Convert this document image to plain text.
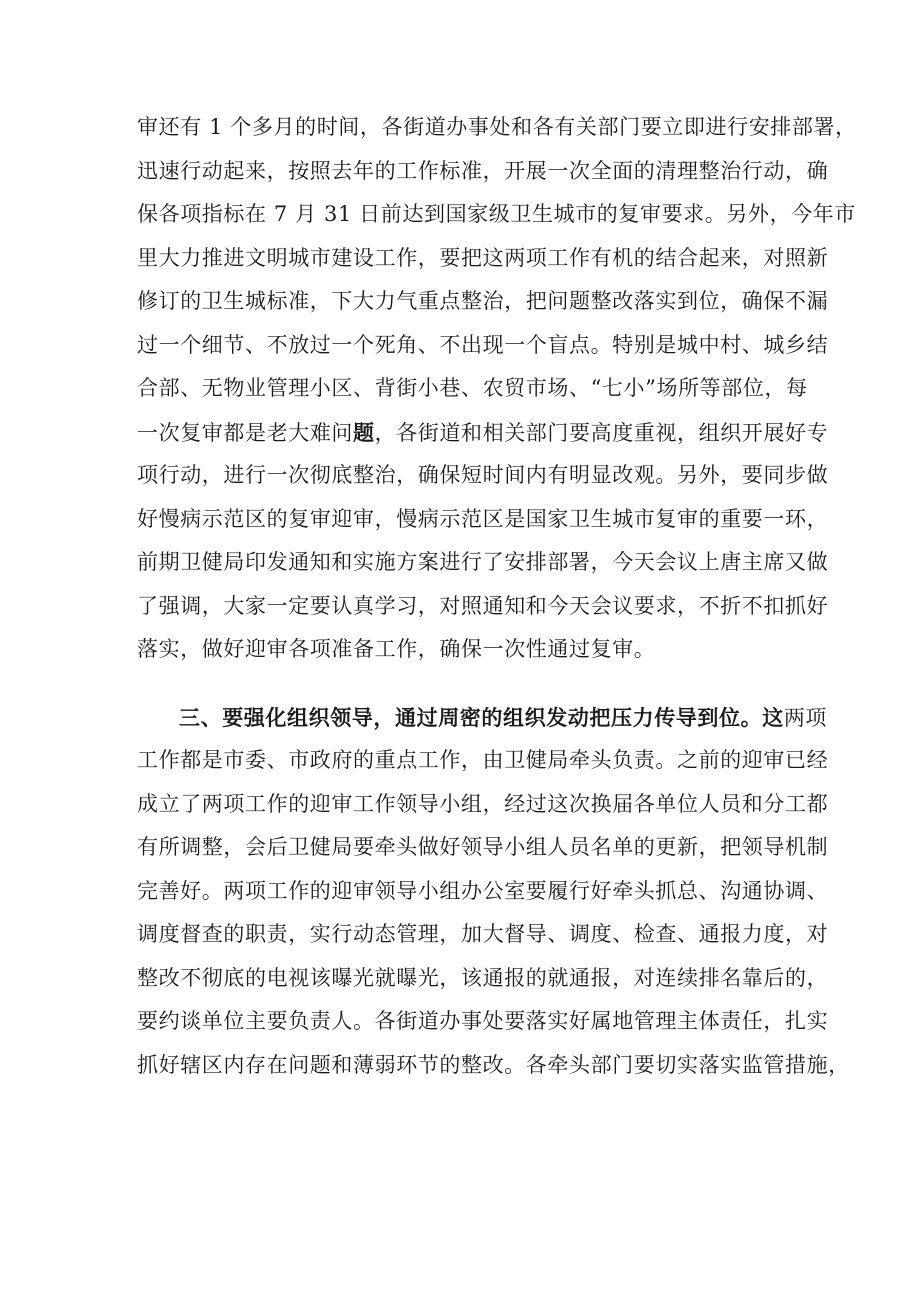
审还有 1 个多月的时间，各街道办事处和各有关部门要立即进行安排部署，
迅速行动起来，按照去年的工作标准，开展一次全面的清理整治行动，确
保各项指标在 7 月 31 日前达到国家级卫生城市的复审要求。另外，今年市
里大力推进文明城市建设工作，要把这两项工作有机的结合起来，对照新
修订的卫生城标准，下大力气重点整治，把问题整改落实到位，确保不漏
过一个细节、不放过一个死角、不出现一个盲点。特别是城中村、城乡结
合部、无物业管理小区、背街小巷、农贸市场、“七小”场所等部位，每
一次复审都是老大难问题，各街道和相关部门要高度重视，组织开展好专
项行动，进行一次彻底整治，确保短时间内有明显改观。另外，要同步做
好慢病示范区的复审迎审，慢病示范区是国家卫生城市复审的重要一环，
前期卫健局印发通知和实施方案进行了安排部署，今天会议上唐主席又做
了强调，大家一定要认真学习，对照通知和今天会议要求，不折不扣抓好
落实，做好迎审各项准备工作，确保一次性通过复审。
三、要强化组织领导，通过周密的组织发动把压力传导到位。这两项
工作都是市委、市政府的重点工作，由卫健局牵头负责。之前的迎审已经
成立了两项工作的迎审工作领导小组，经过这次换届各单位人员和分工都
有所调整，会后卫健局要牵头做好领导小组人员名单的更新，把领导机制
完善好。两项工作的迎审领导小组办公室要履行好牵头抓总、沟通协调、
调度督查的职责，实行动态管理，加大督导、调度、检查、通报力度，对
整改不彻底的电视该曝光就曝光，该通报的就通报，对连续排名靠后的，
要约谈单位主要负责人。各街道办事处要落实好属地管理主体责任，扎实
抓好辖区内存在问题和薄弱环节的整改。各牵头部门要切实落实监管措施，
